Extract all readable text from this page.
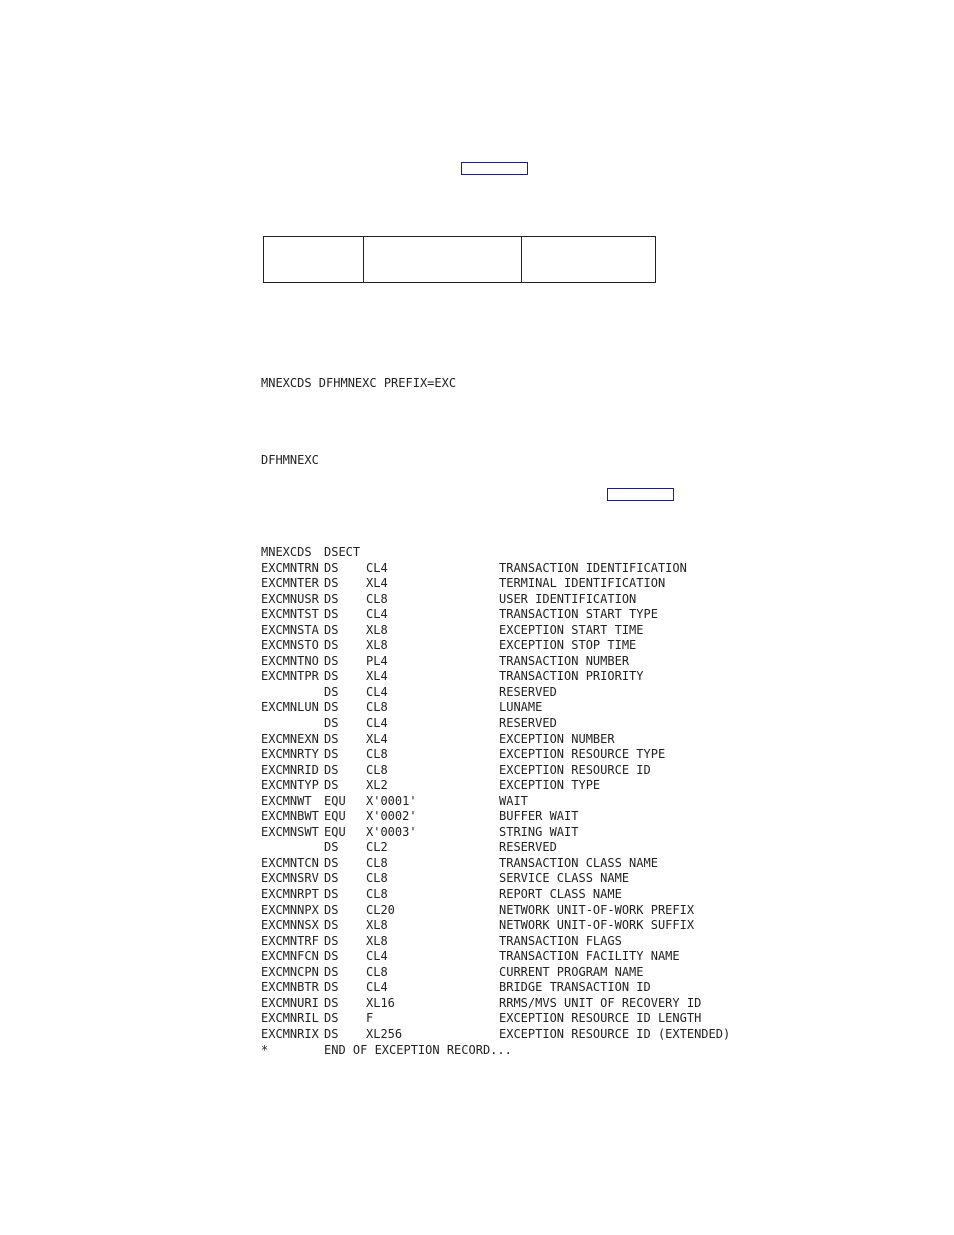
MNEXCDS DFHMNEXC PREFIX=EXC
DFHMNEXC

MNEXCDS

DSECT

EXCMNTRN DS CL4	TRANSACTION IDENTIFICATION
EXCMNTER DS XL4	TERMINAL IDENTIFICATION
EXCMNUSR DS CL8	USER IDENTIFICATION
EXCMNTST DS CL4	TRANSACTION START TYPE
EXCMNSTA DS XL8	EXCEPTION START TIME
EXCMNSTO DS XL8	EXCEPTION STOP TIME
EXCMNTNO DS PL4	TRANSACTION NUMBER
EXCMNTPR DS XL4	TRANSACTION PRIORITY
DS CL4	RESERVED
EXCMNLUN DS CL8	LUNAME
DS CL4	RESERVED
EXCMNEXN DS XL4	EXCEPTION NUMBER
EXCMNRTY DS CL8	EXCEPTION RESOURCE TYPE
EXCMNRID DS CL8	EXCEPTION RESOURCE ID
EXCMNTYP DS XL2	EXCEPTION TYPE
EXCMNWT EQU X'0001'	WAIT
EXCMNBWT EQU X'0002'	BUFFER WAIT
EXCMNSWT EQU X'0003'	STRING WAIT
DS CL2	RESERVED
EXCMNTCN DS CL8	TRANSACTION CLASS NAME
EXCMNSRV DS CL8	SERVICE CLASS NAME
EXCMNRPT DS CL8	REPORT CLASS NAME
EXCMNNPX DS CL20	NETWORK UNIT-OF-WORK PREFIX
EXCMNNSX DS XL8	NETWORK UNIT-OF-WORK SUFFIX
EXCMNTRF DS XL8	TRANSACTION FLAGS
EXCMNFCN DS CL4	TRANSACTION FACILITY NAME
EXCMNCPN DS CL8	CURRENT PROGRAM NAME
EXCMNBTR DS CL4	BRIDGE TRANSACTION ID
EXCMNURI DS XL16	RRMS/MVS UNIT OF RECOVERY ID
EXCMNRIL DS F	EXCEPTION RESOURCE ID LENGTH
EXCMNRIX DS XL256	EXCEPTION RESOURCE ID (EXTENDED)

*

	END OF EXCEPTION RECORD...
